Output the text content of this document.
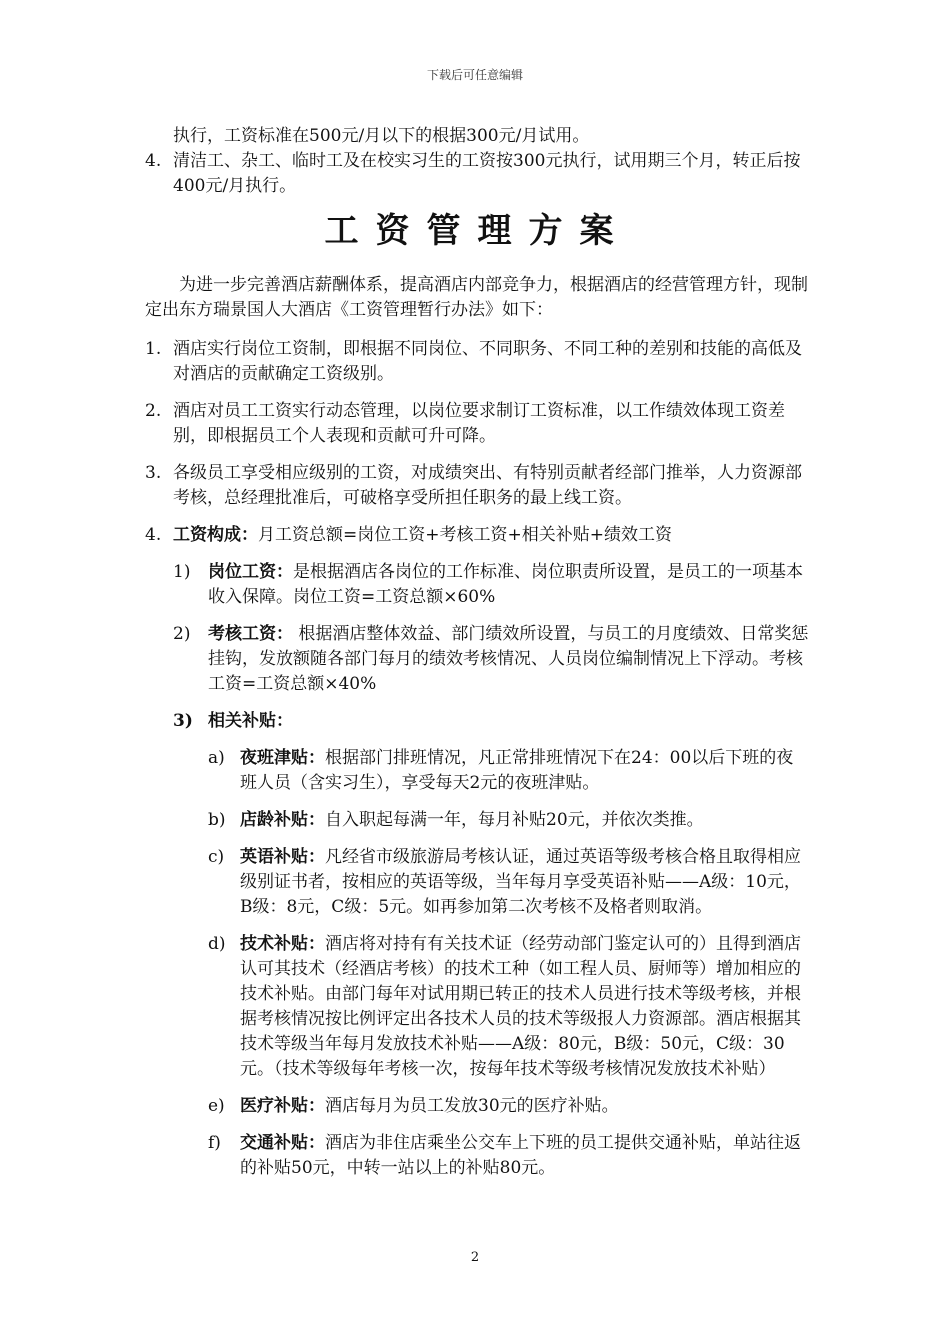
下载后可任意编辑
执行，工资标准在500元/月以下的根据300元/月试用。
4. 清洁工、杂工、临时工及在校实习生的工资按300元执行，试用期三个月，转正后按400元/月执行。
工资管理方案
为进一步完善酒店薪酬体系，提高酒店内部竞争力，根据酒店的经营管理方针，现制定出东方瑞景国人大酒店《工资管理暂行办法》如下：
1. 酒店实行岗位工资制，即根据不同岗位、不同职务、不同工种的差别和技能的高低及对酒店的贡献确定工资级别。
2. 酒店对员工工资实行动态管理，以岗位要求制订工资标准，以工作绩效体现工资差别，即根据员工个人表现和贡献可升可降。
3. 各级员工享受相应级别的工资，对成绩突出、有特别贡献者经部门推举，人力资源部考核，总经理批准后，可破格享受所担任职务的最上线工资。
4. 工资构成：月工资总额=岗位工资+考核工资+相关补贴+绩效工资
1)	岗位工资：是根据酒店各岗位的工作标准、岗位职责所设置，是员工的一项基本收入保障。岗位工资=工资总额×60%
2)	考核工资： 根据酒店整体效益、部门绩效所设置，与员工的月度绩效、日常奖惩挂钩，发放额随各部门每月的绩效考核情况、人员岗位编制情况上下浮动。考核工资=工资总额×40%
3) 相关补贴：
a) 夜班津贴：根据部门排班情况，凡正常排班情况下在24：00以后下班的夜班人员（含实习生），享受每天2元的夜班津贴。
b) 店龄补贴：自入职起每满一年，每月补贴20元，并依次类推。
c) 英语补贴：凡经省市级旅游局考核认证，通过英语等级考核合格且取得相应级别证书者，按相应的英语等级，当年每月享受英语补贴——A级：10元，B级：8元，C级：5元。如再参加第二次考核不及格者则取消。
d) 技术补贴：酒店将对持有有关技术证（经劳动部门鉴定认可的）且得到酒店认可其技术（经酒店考核）的技术工种（如工程人员、厨师等）增加相应的技术补贴。由部门每年对试用期已转正的技术人员进行技术等级考核，并根据考核情况按比例评定出各技术人员的技术等级报人力资源部。酒店根据其技术等级当年每月发放技术补贴——A级：80元，B级：50元，C级：30元。（技术等级每年考核一次，按每年技术等级考核情况发放技术补贴）
e) 医疗补贴：酒店每月为员工发放30元的医疗补贴。
f)	交通补贴：酒店为非住店乘坐公交车上下班的员工提供交通补贴，单站往返的补贴50元，中转一站以上的补贴80元。
2
